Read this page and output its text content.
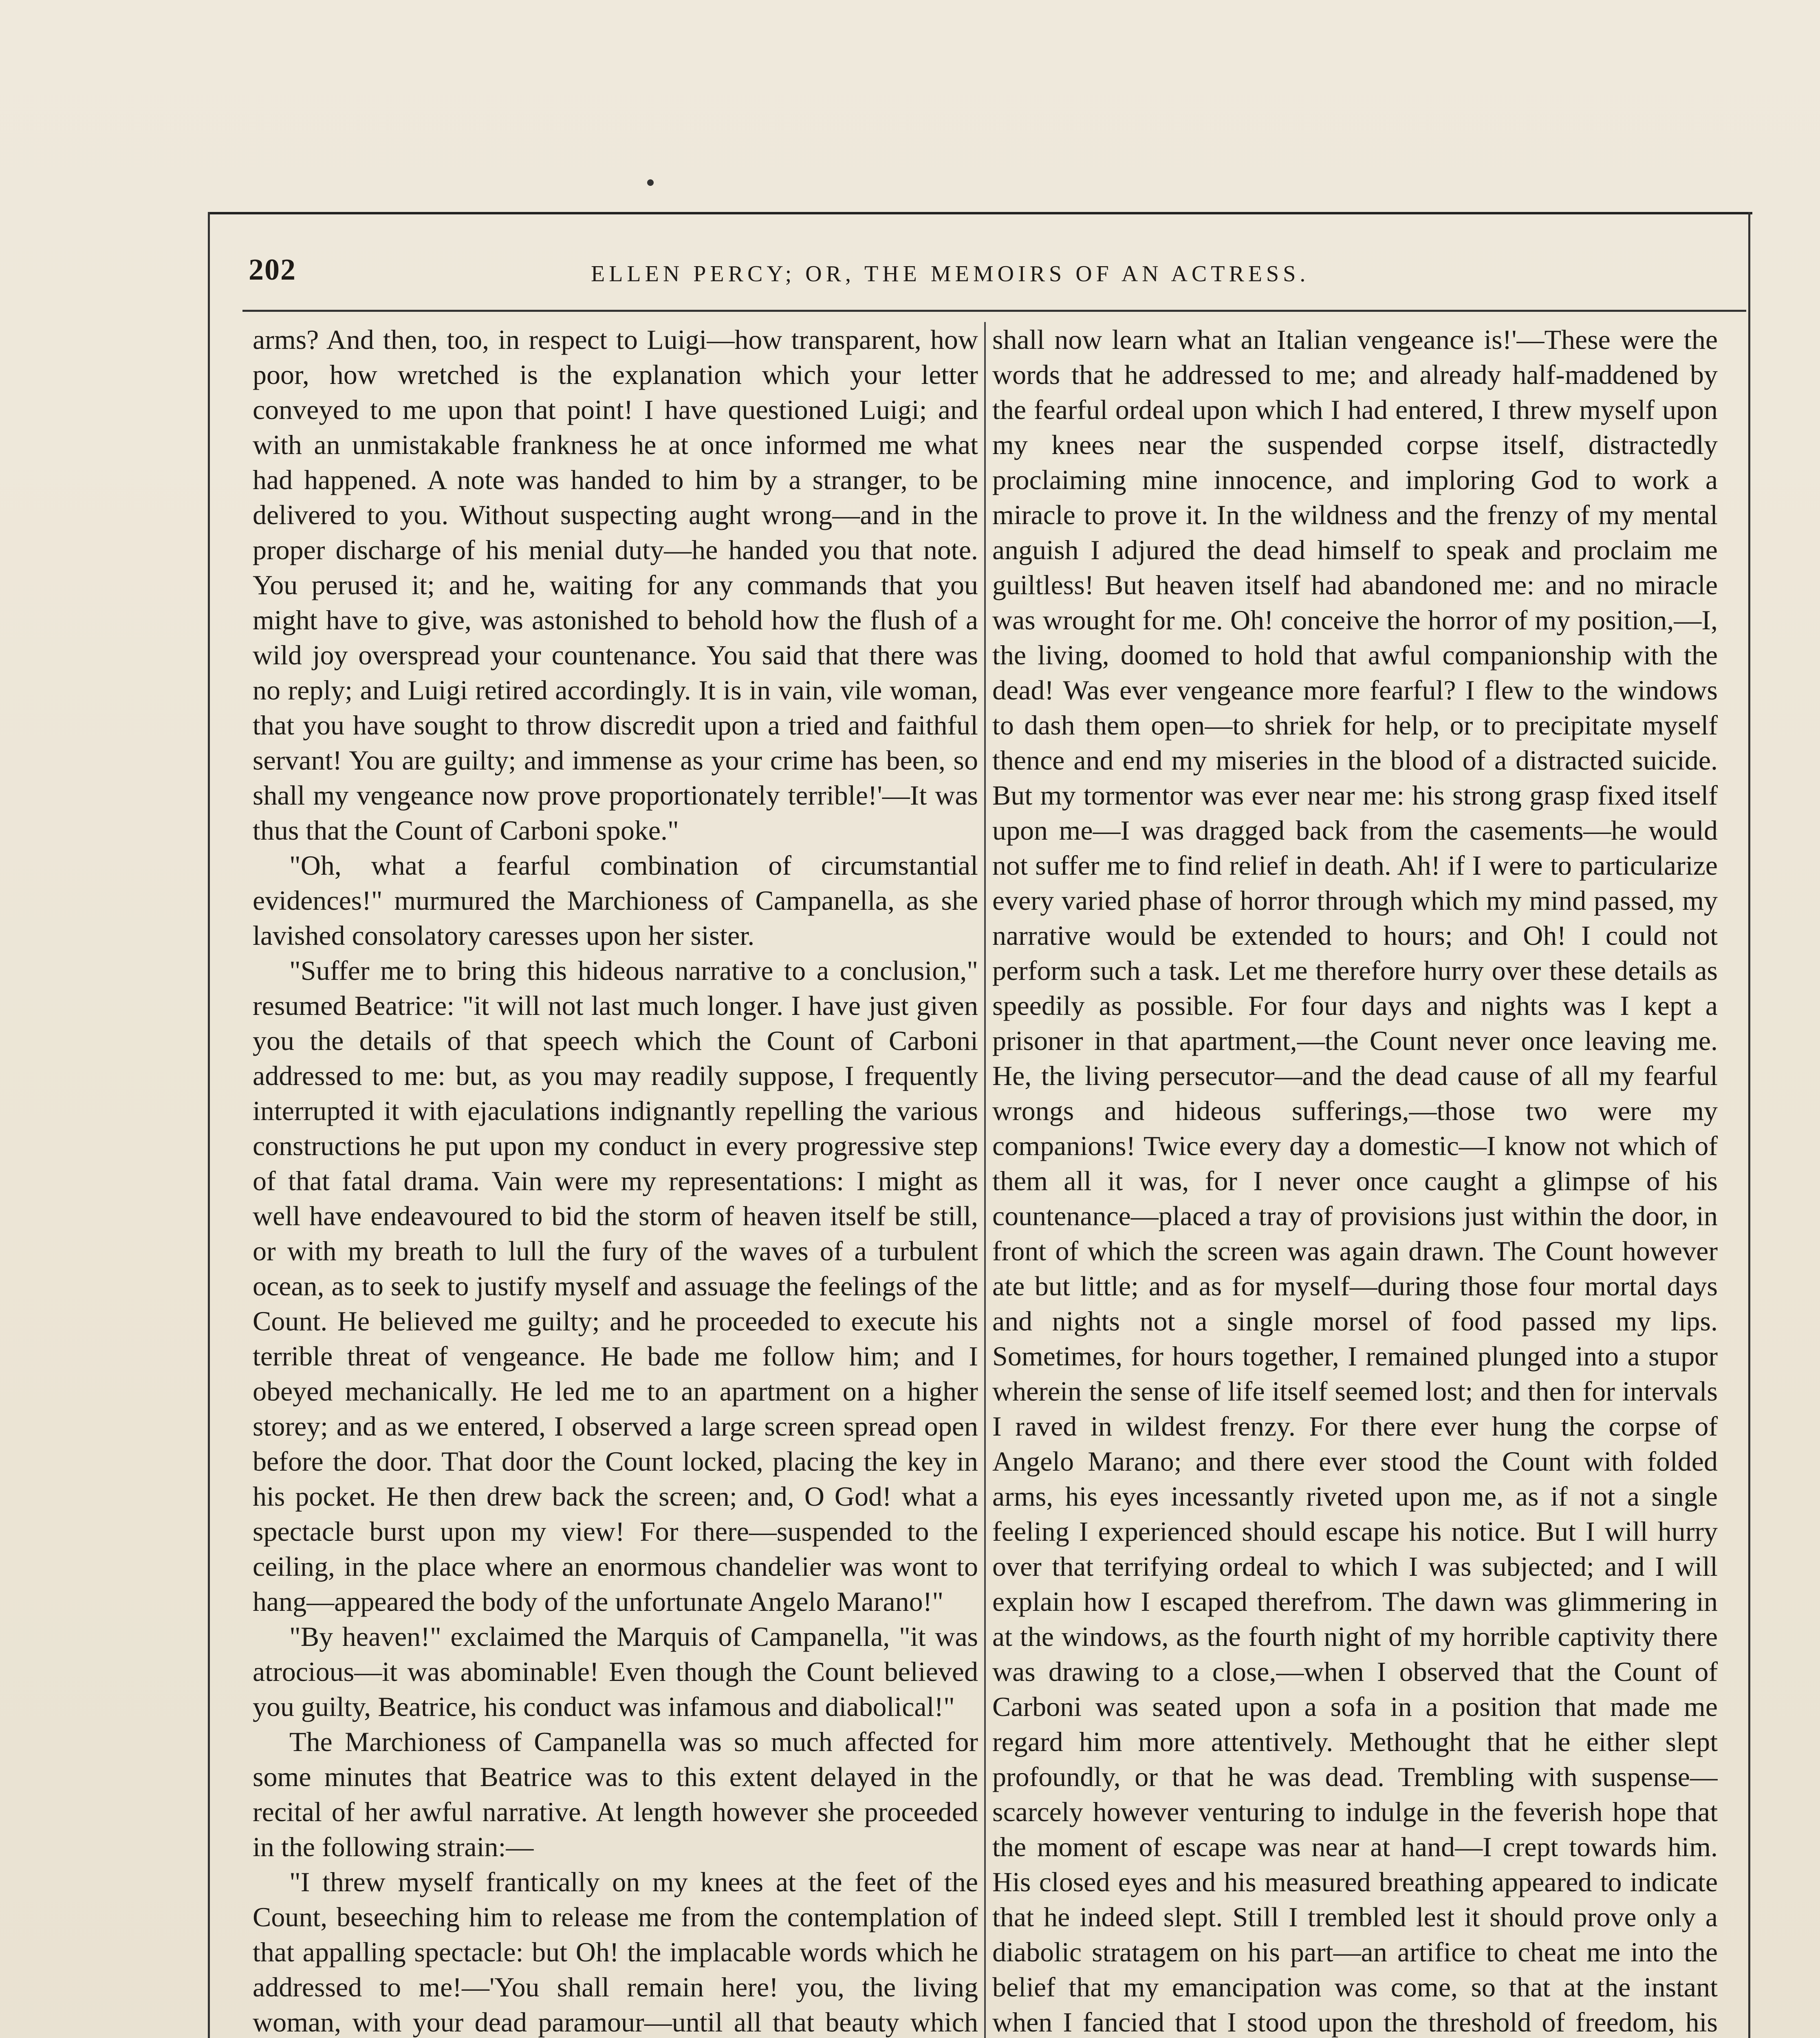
202	ELLEN PERCY; OR, THE MEMOIRS OF AN ACTRESS.

arms? And then, too, in respect to Luigi—how transparent, how poor, how wretched is the explanation which your letter conveyed to me upon that point! I have questioned Luigi; and with an unmistakable frankness he at once informed me what had happened. A note was handed to him by a stranger, to be delivered to you. Without suspecting aught wrong—and in the proper discharge of his menial duty—he handed you that note. You perused it; and he, waiting for any commands that you might have to give, was astonished to behold how the flush of a wild joy overspread your countenance. You said that there was no reply; and Luigi retired accordingly. It is in vain, vile woman, that you have sought to throw discredit upon a tried and faithful servant! You are guilty; and immense as your crime has been, so shall my vengeance now prove proportionately terrible!'—It was thus that the Count of Carboni spoke."

"Oh, what a fearful combination of circumstantial evidences!" murmured the Marchioness of Campanella, as she lavished consolatory caresses upon her sister.

"Suffer me to bring this hideous narrative to a conclusion," resumed Beatrice: "it will not last much longer. I have just given you the details of that speech which the Count of Carboni addressed to me: but, as you may readily suppose, I frequently interrupted it with ejaculations indignantly repelling the various constructions he put upon my conduct in every progressive step of that fatal drama. Vain were my representations: I might as well have endeavoured to bid the storm of heaven itself be still, or with my breath to lull the fury of the waves of a turbulent ocean, as to seek to justify myself and assuage the feelings of the Count. He believed me guilty; and he proceeded to execute his terrible threat of vengeance. He bade me follow him; and I obeyed mechanically. He led me to an apartment on a higher storey; and as we entered, I observed a large screen spread open before the door. That door the Count locked, placing the key in his pocket. He then drew back the screen; and, O God! what a spectacle burst upon my view! For there—suspended to the ceiling, in the place where an enormous chandelier was wont to hang—appeared the body of the unfortunate Angelo Marano!"

"By heaven!" exclaimed the Marquis of Campanella, "it was atrocious—it was abominable! Even though the Count believed you guilty, Beatrice, his conduct was infamous and diabolical!"

The Marchioness of Campanella was so much affected for some minutes that Beatrice was to this extent delayed in the recital of her awful narrative. At length however she proceeded in the following strain:—

"I threw myself frantically on my knees at the feet of the Count, beseeching him to release me from the contemplation of that appalling spectacle: but Oh! the implacable words which he addressed to me!—'You shall remain here! you, the living woman, with your dead paramour—until all that beauty which

shall now learn what an Italian vengeance is!'—These were the words that he addressed to me; and already half-maddened by the fearful ordeal upon which I had entered, I threw myself upon my knees near the suspended corpse itself, distractedly proclaiming mine innocence, and imploring God to work a miracle to prove it. In the wildness and the frenzy of my mental anguish I adjured the dead himself to speak and proclaim me guiltless! But heaven itself had abandoned me: and no miracle was wrought for me. Oh! conceive the horror of my position,—I, the living, doomed to hold that awful companionship with the dead! Was ever vengeance more fearful? I flew to the windows to dash them open—to shriek for help, or to precipitate myself thence and end my miseries in the blood of a distracted suicide. But my tormentor was ever near me: his strong grasp fixed itself upon me—I was dragged back from the casements—he would not suffer me to find relief in death. Ah! if I were to particularize every varied phase of horror through which my mind passed, my narrative would be extended to hours; and Oh! I could not perform such a task. Let me therefore hurry over these details as speedily as possible. For four days and nights was I kept a prisoner in that apartment,—the Count never once leaving me. He, the living persecutor—and the dead cause of all my fearful wrongs and hideous sufferings,—those two were my companions! Twice every day a domestic—I know not which of them all it was, for I never once caught a glimpse of his countenance—placed a tray of provisions just within the door, in front of which the screen was again drawn. The Count however ate but little; and as for myself—during those four mortal days and nights not a single morsel of food passed my lips. Sometimes, for hours together, I remained plunged into a stupor wherein the sense of life itself seemed lost; and then for intervals I raved in wildest frenzy. For there ever hung the corpse of Angelo Marano; and there ever stood the Count with folded arms, his eyes incessantly riveted upon me, as if not a single feeling I experienced should escape his notice. But I will hurry over that terrifying ordeal to which I was subjected; and I will explain how I escaped therefrom. The dawn was glimmering in at the windows, as the fourth night of my horrible captivity there was drawing to a close,—when I observed that the Count of Carboni was seated upon a sofa in a position that made me regard him more attentively. Methought that he either slept profoundly, or that he was dead. Trembling with suspense—scarcely however venturing to indulge in the feverish hope that the moment of escape was near at hand—I crept towards him. His closed eyes and his measured breathing appeared to indicate that he indeed slept. Still I trembled lest it should prove only a diabolic stratagem on his part—an artifice to cheat me into the belief that my emancipation was come, so that at the instant when I fancied that I stood upon the threshold of freedom, his
